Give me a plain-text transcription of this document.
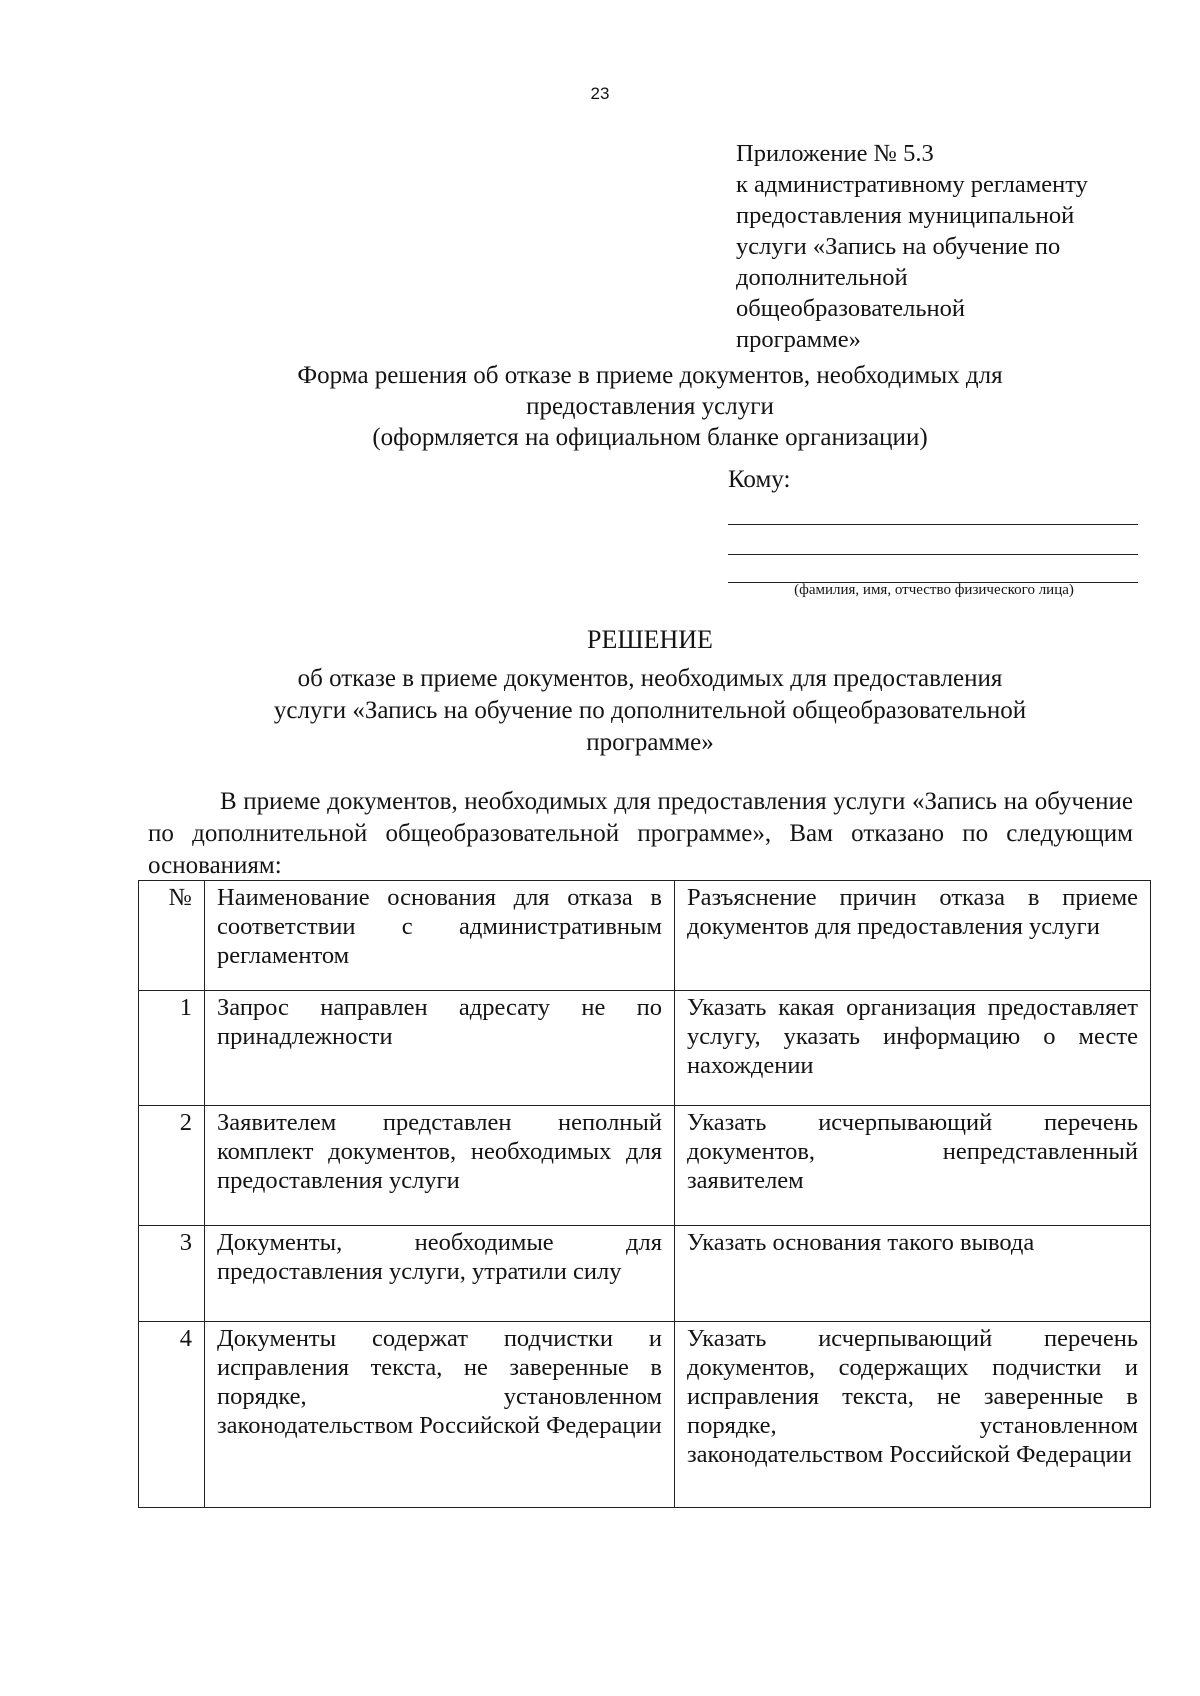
23
Приложение № 5.3
к административному регламенту
предоставления муниципальной
услуги «Запись на обучение по
дополнительной
общеобразовательной
программе»
Форма решения об отказе в приеме документов, необходимых для
предоставления услуги
(оформляется на официальном бланке организации)
Кому:
(фамилия, имя, отчество физического лица)
РЕШЕНИЕ
об отказе в приеме документов, необходимых для предоставления
услуги «Запись на обучение по дополнительной общеобразовательной
программе»

В приеме документов, необходимых для предоставления услуги «Запись на обучение по дополнительной общеобразовательной программе», Вам отказано по следующим основаниям:

№	Наименование основания для отказа в соответствии с административным регламентом	Разъяснение причин отказа в приеме документов для предоставления услуги
1	Запрос направлен адресату не по принадлежности	Указать какая организация предоставляет услугу, указать информацию о месте нахождении
2	Заявителем представлен неполный комплект документов, необходимых для предоставления услуги	Указать исчерпывающий перечень документов, непредставленный заявителем
3	Документы, необходимые для предоставления услуги, утратили силу	Указать основания такого вывода
4	Документы содержат подчистки и исправления текста, не заверенные в порядке, установленном законодательством Российской Федерации	Указать исчерпывающий перечень документов, содержащих подчистки и исправления текста, не заверенные в порядке, установленном законодательством Российской Федерации
